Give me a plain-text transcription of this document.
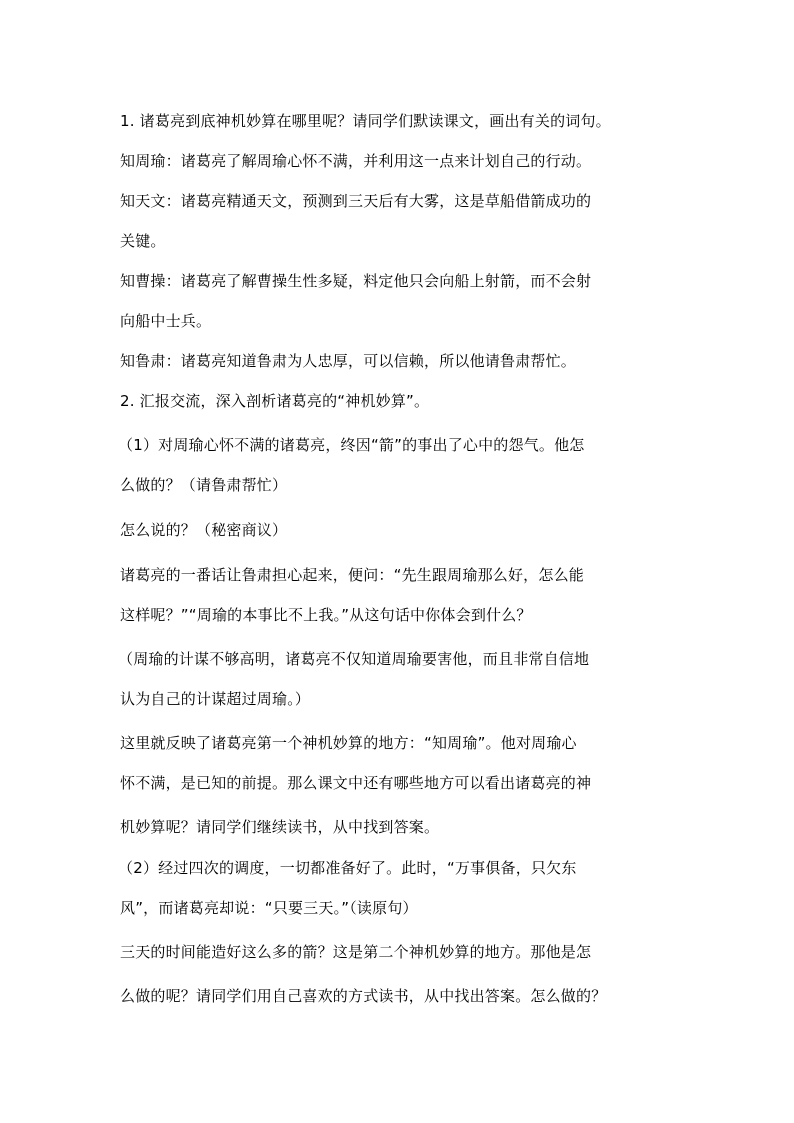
1. 诸葛亮到底神机妙算在哪里呢？请同学们默读课文，画出有关的词句。
知周瑜：诸葛亮了解周瑜心怀不满，并利用这一点来计划自己的行动。
知天文：诸葛亮精通天文，预测到三天后有大雾，这是草船借箭成功的
关键。
知曹操：诸葛亮了解曹操生性多疑，料定他只会向船上射箭，而不会射
向船中士兵。
知鲁肃：诸葛亮知道鲁肃为人忠厚，可以信赖，所以他请鲁肃帮忙。
2. 汇报交流，深入剖析诸葛亮的“神机妙算”。
（1）对周瑜心怀不满的诸葛亮，终因“箭”的事出了心中的怨气。他怎
么做的？（请鲁肃帮忙）
怎么说的？（秘密商议）
诸葛亮的一番话让鲁肃担心起来，便问：“先生跟周瑜那么好，怎么能
这样呢？”“周瑜的本事比不上我。”从这句话中你体会到什么？
（周瑜的计谋不够高明，诸葛亮不仅知道周瑜要害他，而且非常自信地
认为自己的计谋超过周瑜。）
这里就反映了诸葛亮第一个神机妙算的地方：“知周瑜”。他对周瑜心
怀不满，是已知的前提。那么课文中还有哪些地方可以看出诸葛亮的神
机妙算呢？请同学们继续读书，从中找到答案。
（2）经过四次的调度，一切都准备好了。此时，“万事俱备，只欠东
风”，而诸葛亮却说：“只要三天。”（读原句）
三天的时间能造好这么多的箭？这是第二个神机妙算的地方。那他是怎
么做的呢？请同学们用自己喜欢的方式读书，从中找出答案。怎么做的？
